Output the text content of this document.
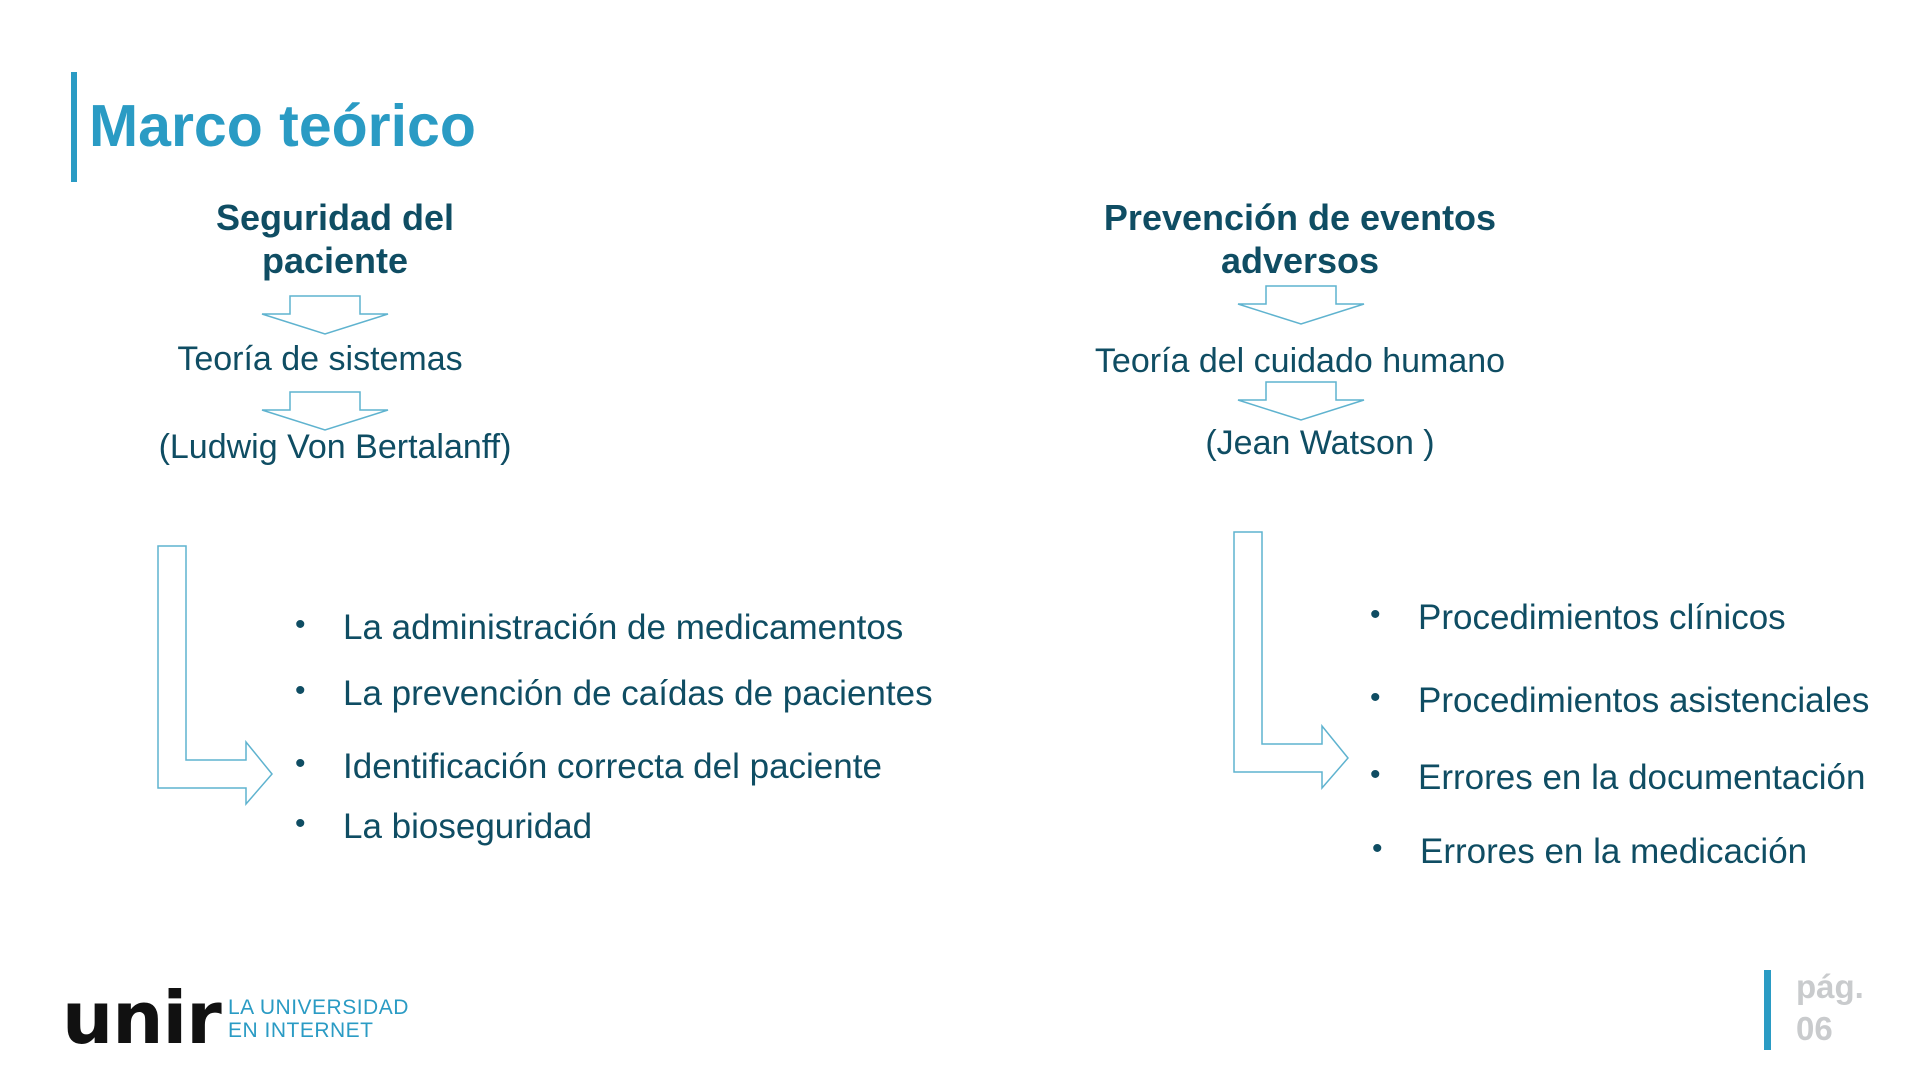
Marco teórico
Seguridad del
paciente
Teoría de sistemas
(Ludwig Von Bertalanff)
• La administración de medicamentos
• La prevención de caídas de pacientes
• Identificación correcta del paciente
• La bioseguridad
Prevención de eventos
adversos
Teoría del cuidado humano
(Jean Watson )
• Procedimientos clínicos
• Procedimientos asistenciales
• Errores en la documentación
• Errores en la medicación
unir LA UNIVERSIDAD
EN INTERNET
pág.
06
